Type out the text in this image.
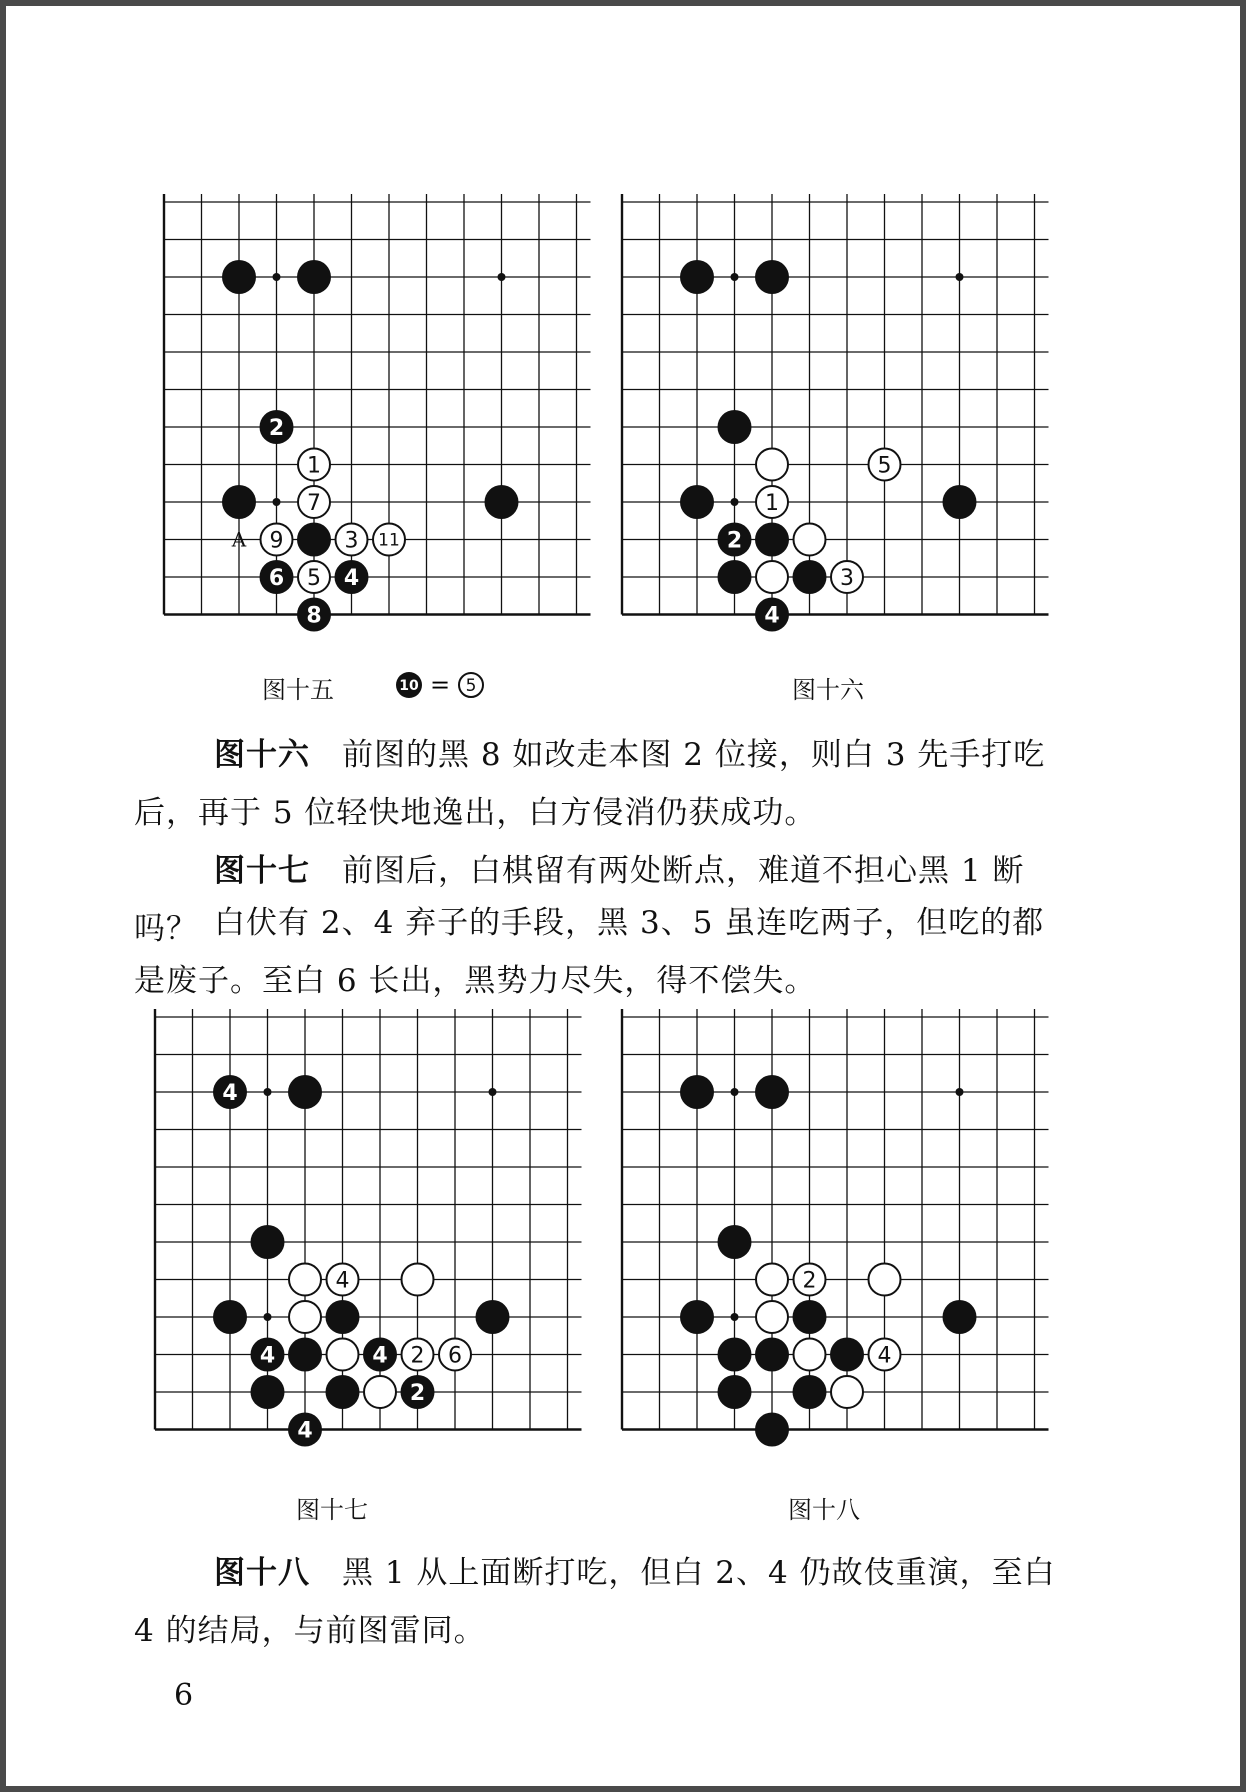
A
2
1
7
9	3 11
6 5 4
8
5
1
2
3
4
图十五	10 = 5	图十六
图十六　前图的黑 8 如改走本图 2 位接，则白 3 先手打吃后，再于 5 位轻快地逸出，白方侵消仍获成功。
图十七　前图后，白棋留有两处断点，难道不担心黑 1 断吗？ 白伏有 2、4 弃子的手段，黑 3、5 虽连吃两子，但吃的都是废子。至白 6 长出，黑势力尽失，得不偿失。
4
4
4	4 2 6
2
4
2
4
图十七	图十八
图十八　黑 1 从上面断打吃，但白 2、4 仍故伎重演，至白 4 的结局，与前图雷同。
6
